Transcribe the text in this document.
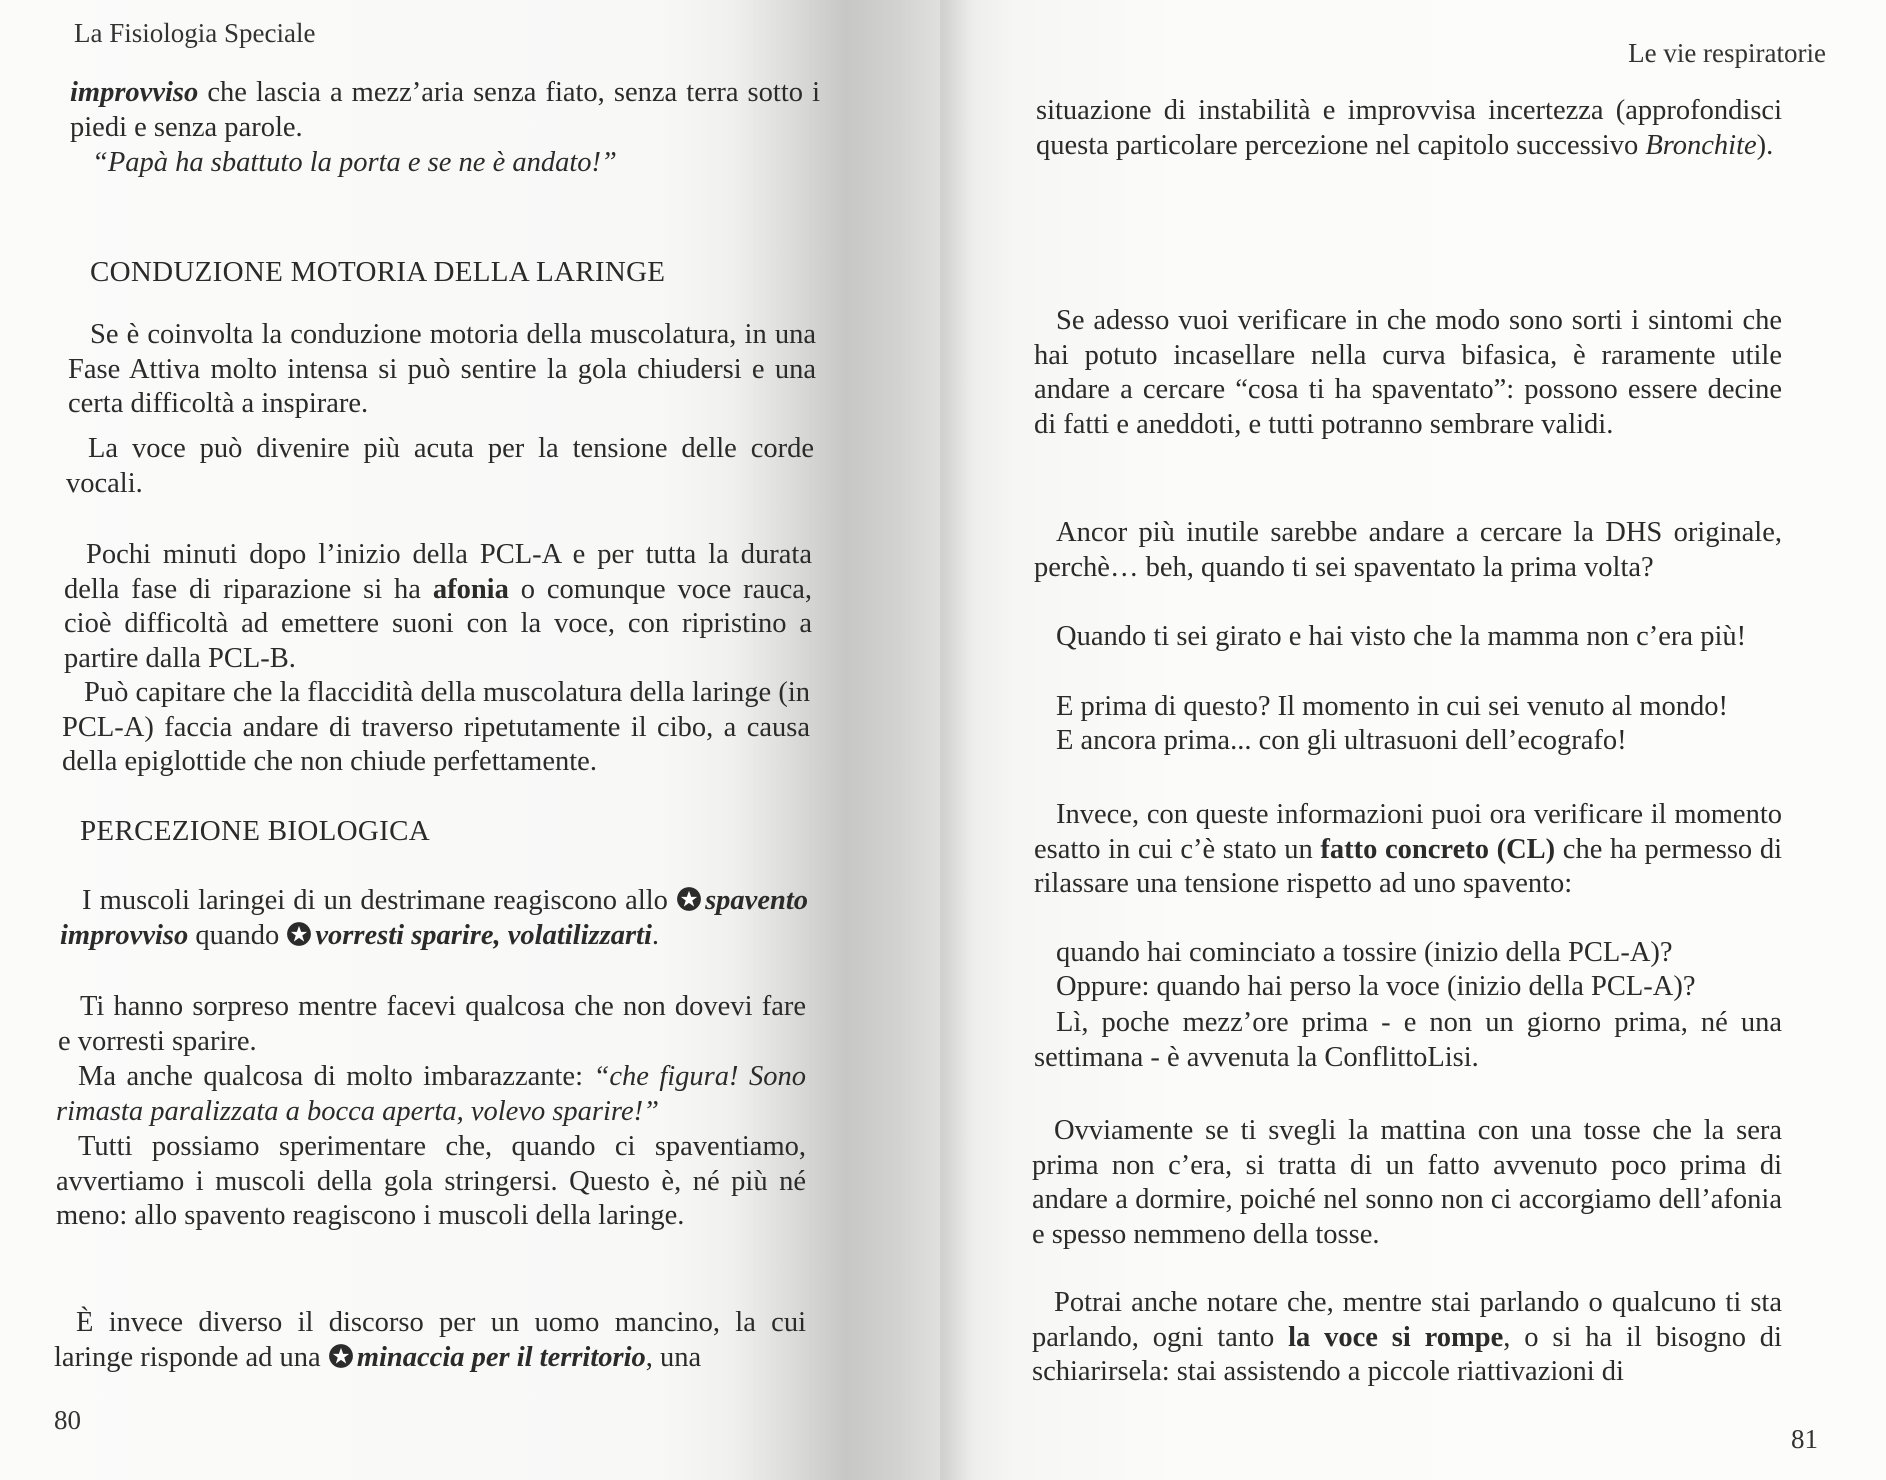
La Fisiologia Speciale

improvviso che lascia a mezz’aria senza fiato, senza terra sotto i piedi e senza parole.

“Papà ha sbattuto la porta e se ne è andato!”

CONDUZIONE MOTORIA DELLA LARINGE

Se è coinvolta la conduzione motoria della muscolatura, in una Fase Attiva molto intensa si può sentire la gola chiudersi e una certa difficoltà a inspirare.

La voce può divenire più acuta per la tensione delle corde vocali.

Pochi minuti dopo l’inizio della PCL-A e per tutta la durata della fase di riparazione si ha afonia o comunque voce rauca, cioè difficoltà ad emettere suoni con la voce, con ripristino a partire dalla PCL-B.

Può capitare che la flaccidità della muscolatura della laringe (in PCL-A) faccia andare di traverso ripetutamente il cibo, a causa della epiglottide che non chiude perfettamente.

PERCEZIONE BIOLOGICA

I muscoli laringei di un destrimane reagiscono allo spavento improvviso quando vorresti sparire, volatilizzarti.

Ti hanno sorpreso mentre facevi qualcosa che non dovevi fare e vorresti sparire.

Ma anche qualcosa di molto imbarazzante: “che figura! Sono rimasta paralizzata a bocca aperta, volevo sparire!”

Tutti possiamo sperimentare che, quando ci spaventiamo, avvertiamo i muscoli della gola stringersi. Questo è, né più né meno: allo spavento reagiscono i muscoli della laringe.

È invece diverso il discorso per un uomo mancino, la cui laringe risponde ad una minaccia per il territorio, una

80
Le vie respiratorie

situazione di instabilità e improvvisa incertezza (approfondisci questa particolare percezione nel capitolo successivo Bronchite).

Se adesso vuoi verificare in che modo sono sorti i sintomi che hai potuto incasellare nella curva bifasica, è raramente utile andare a cercare “cosa ti ha spaventato”: possono essere decine di fatti e aneddoti, e tutti potranno sembrare validi.

Ancor più inutile sarebbe andare a cercare la DHS originale, perchè… beh, quando ti sei spaventato la prima volta?

Quando ti sei girato e hai visto che la mamma non c’era più!

E prima di questo? Il momento in cui sei venuto al mondo!

E ancora prima... con gli ultrasuoni dell’ecografo!

Invece, con queste informazioni puoi ora verificare il momento esatto in cui c’è stato un fatto concreto (CL) che ha permesso di rilassare una tensione rispetto ad uno spavento:

quando hai cominciato a tossire (inizio della PCL-A)?

Oppure: quando hai perso la voce (inizio della PCL-A)?

Lì, poche mezz’ore prima - e non un giorno prima, né una settimana - è avvenuta la ConflittoLisi.

Ovviamente se ti svegli la mattina con una tosse che la sera prima non c’era, si tratta di un fatto avvenuto poco prima di andare a dormire, poiché nel sonno non ci accorgiamo dell’afonia e spesso nemmeno della tosse.

Potrai anche notare che, mentre stai parlando o qualcuno ti sta parlando, ogni tanto la voce si rompe, o si ha il bisogno di schiarirsela: stai assistendo a piccole riattivazioni di

81
